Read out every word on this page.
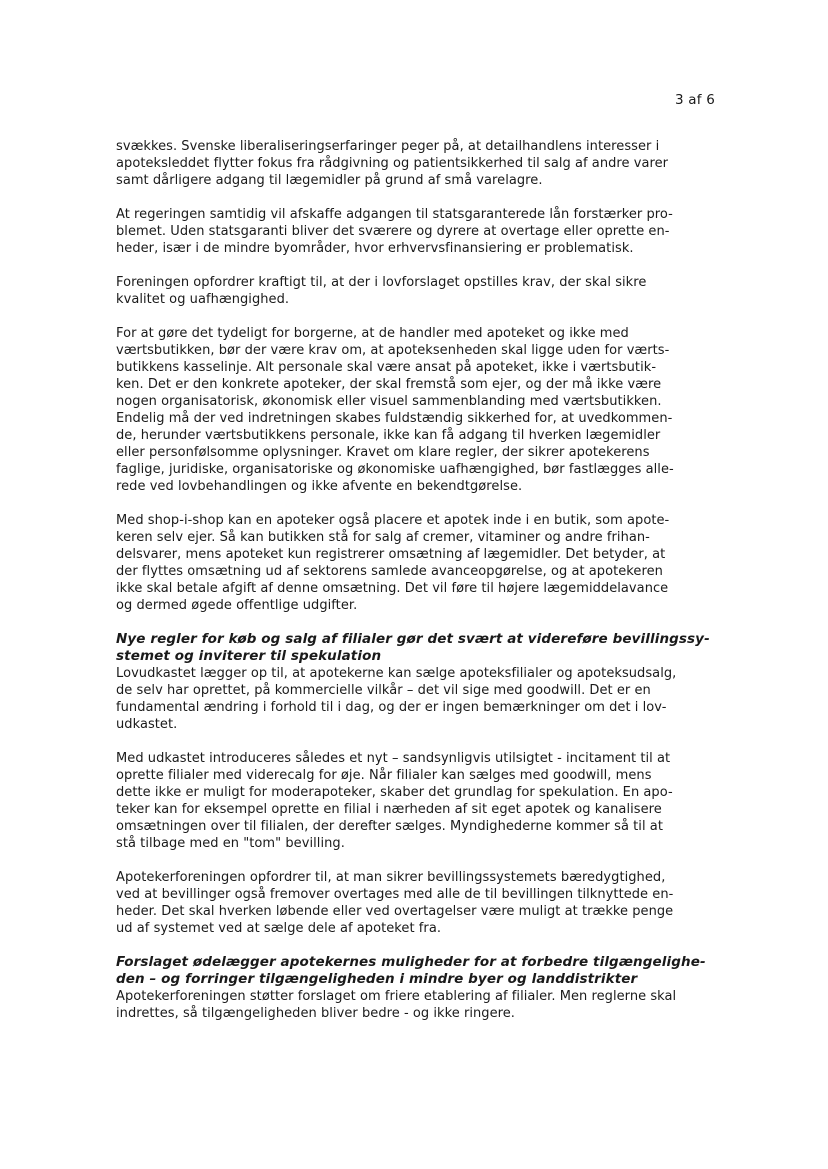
3 af 6

svækkes. Svenske liberaliseringserfaringer peger på, at detailhandlens interesser i
apoteksleddet flytter fokus fra rådgivning og patientsikkerhed til salg af andre varer
samt dårligere adgang til lægemidler på grund af små varelagre.

At regeringen samtidig vil afskaffe adgangen til statsgaranterede lån forstærker pro-
blemet. Uden statsgaranti bliver det sværere og dyrere at overtage eller oprette en-
heder, især i de mindre byområder, hvor erhvervsfinansiering er problematisk.

Foreningen opfordrer kraftigt til, at der i lovforslaget opstilles krav, der skal sikre
kvalitet og uafhængighed.

For at gøre det tydeligt for borgerne, at de handler med apoteket og ikke med
værtsbutikken, bør der være krav om, at apoteksenheden skal ligge uden for værts-
butikkens kasselinje. Alt personale skal være ansat på apoteket, ikke i værtsbutik-
ken. Det er den konkrete apoteker, der skal fremstå som ejer, og der må ikke være
nogen organisatorisk, økonomisk eller visuel sammenblanding med værtsbutikken.
Endelig må der ved indretningen skabes fuldstændig sikkerhed for, at uvedkommen-
de, herunder værtsbutikkens personale, ikke kan få adgang til hverken lægemidler
eller personfølsomme oplysninger. Kravet om klare regler, der sikrer apotekerens
faglige, juridiske, organisatoriske og økonomiske uafhængighed, bør fastlægges alle-
rede ved lovbehandlingen og ikke afvente en bekendtgørelse.

Med shop-i-shop kan en apoteker også placere et apotek inde i en butik, som apote-
keren selv ejer. Så kan butikken stå for salg af cremer, vitaminer og andre frihan-
delsvarer, mens apoteket kun registrerer omsætning af lægemidler. Det betyder, at
der flyttes omsætning ud af sektorens samlede avanceopgørelse, og at apotekeren
ikke skal betale afgift af denne omsætning. Det vil føre til højere lægemiddelavance
og dermed øgede offentlige udgifter.

Nye regler for køb og salg af filialer gør det svært at videreføre bevillingssy-
stemet og inviterer til spekulation

Lovudkastet lægger op til, at apotekerne kan sælge apoteksfilialer og apoteksudsalg,
de selv har oprettet, på kommercielle vilkår – det vil sige med goodwill. Det er en
fundamental ændring i forhold til i dag, og der er ingen bemærkninger om det i lov-
udkastet.

Med udkastet introduceres således et nyt – sandsynligvis utilsigtet - incitament til at
oprette filialer med viderесalg for øje. Når filialer kan sælges med goodwill, mens
dette ikke er muligt for moderapoteker, skaber det grundlag for spekulation. En apo-
teker kan for eksempel oprette en filial i nærheden af sit eget apotek og kanalisere
omsætningen over til filialen, der derefter sælges. Myndighederne kommer så til at
stå tilbage med en "tom" bevilling.

Apotekerforeningen opfordrer til, at man sikrer bevillingssystemets bæredygtighed,
ved at bevillinger også fremover overtages med alle de til bevillingen tilknyttede en-
heder. Det skal hverken løbende eller ved overtagelser være muligt at trække penge
ud af systemet ved at sælge dele af apoteket fra.

Forslaget ødelægger apotekernes muligheder for at forbedre tilgængelighe-
den – og forringer tilgængeligheden i mindre byer og landdistrikter

Apotekerforeningen støtter forslaget om friere etablering af filialer. Men reglerne skal
indrettes, så tilgængeligheden bliver bedre - og ikke ringere.
